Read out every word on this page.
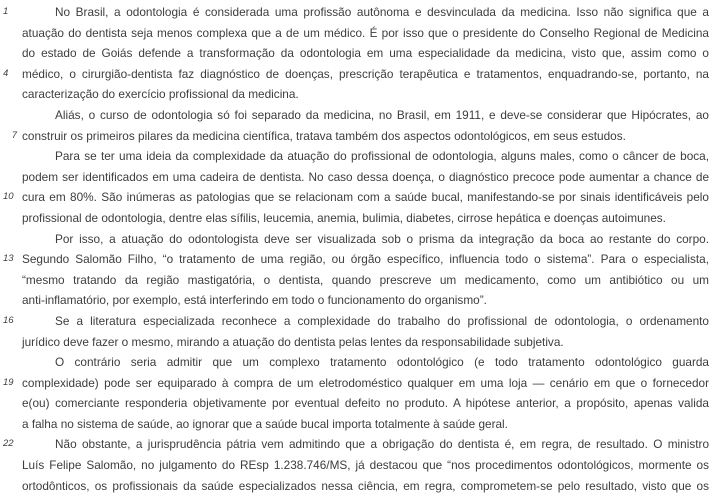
1	No Brasil, a odontologia é considerada uma profissão autônoma e desvinculada da medicina. Isso não significa que a
atuação do dentista seja menos complexa que a de um médico. É por isso que o presidente do Conselho Regional de Medicina
do estado de Goiás defende a transformação da odontologia em uma especialidade da medicina, visto que, assim como o
4	médico, o cirurgião-dentista faz diagnóstico de doenças, prescrição terapêutica e tratamentos, enquadrando-se, portanto, na
caracterização do exercício profissional da medicina.
Aliás, o curso de odontologia só foi separado da medicina, no Brasil, em 1911, e deve-se considerar que Hipócrates, ao
7 construir os primeiros pilares da medicina científica, tratava também dos aspectos odontológicos, em seus estudos.
Para se ter uma ideia da complexidade da atuação do profissional de odontologia, alguns males, como o câncer de boca,
podem ser identificados em uma cadeira de dentista. No caso dessa doença, o diagnóstico precoce pode aumentar a chance de
10 cura em 80%. São inúmeras as patologias que se relacionam com a saúde bucal, manifestando-se por sinais identificáveis pelo
profissional de odontologia, dentre elas sífilis, leucemia, anemia, bulimia, diabetes, cirrose hepática e doenças autoimunes.
Por isso, a atuação do odontologista deve ser visualizada sob o prisma da integração da boca ao restante do corpo.
13 Segundo Salomão Filho, “o tratamento de uma região, ou órgão específico, influencia todo o sistema”. Para o especialista,
“mesmo tratando da região mastigatória, o dentista, quando prescreve um medicamento, como um antibiótico ou um
anti-inflamatório, por exemplo, está interferindo em todo o funcionamento do organismo”.
16	Se a literatura especializada reconhece a complexidade do trabalho do profissional de odontologia, o ordenamento
jurídico deve fazer o mesmo, mirando a atuação do dentista pelas lentes da responsabilidade subjetiva.
O contrário seria admitir que um complexo tratamento odontológico (e todo tratamento odontológico guarda
19 complexidade) pode ser equiparado à compra de um eletrodoméstico qualquer em uma loja — cenário em que o fornecedor
e(ou) comerciante responderia objetivamente por eventual defeito no produto. A hipótese anterior, a propósito, apenas valida
a falha no sistema de saúde, ao ignorar que a saúde bucal importa totalmente à saúde geral.
22	Não obstante, a jurisprudência pátria vem admitindo que a obrigação do dentista é, em regra, de resultado. O ministro
Luís Felipe Salomão, no julgamento do REsp 1.238.746/MS, já destacou que “nos procedimentos odontológicos, mormente os
ortodônticos, os profissionais da saúde especializados nessa ciência, em regra, comprometem-se pelo resultado, visto que os
